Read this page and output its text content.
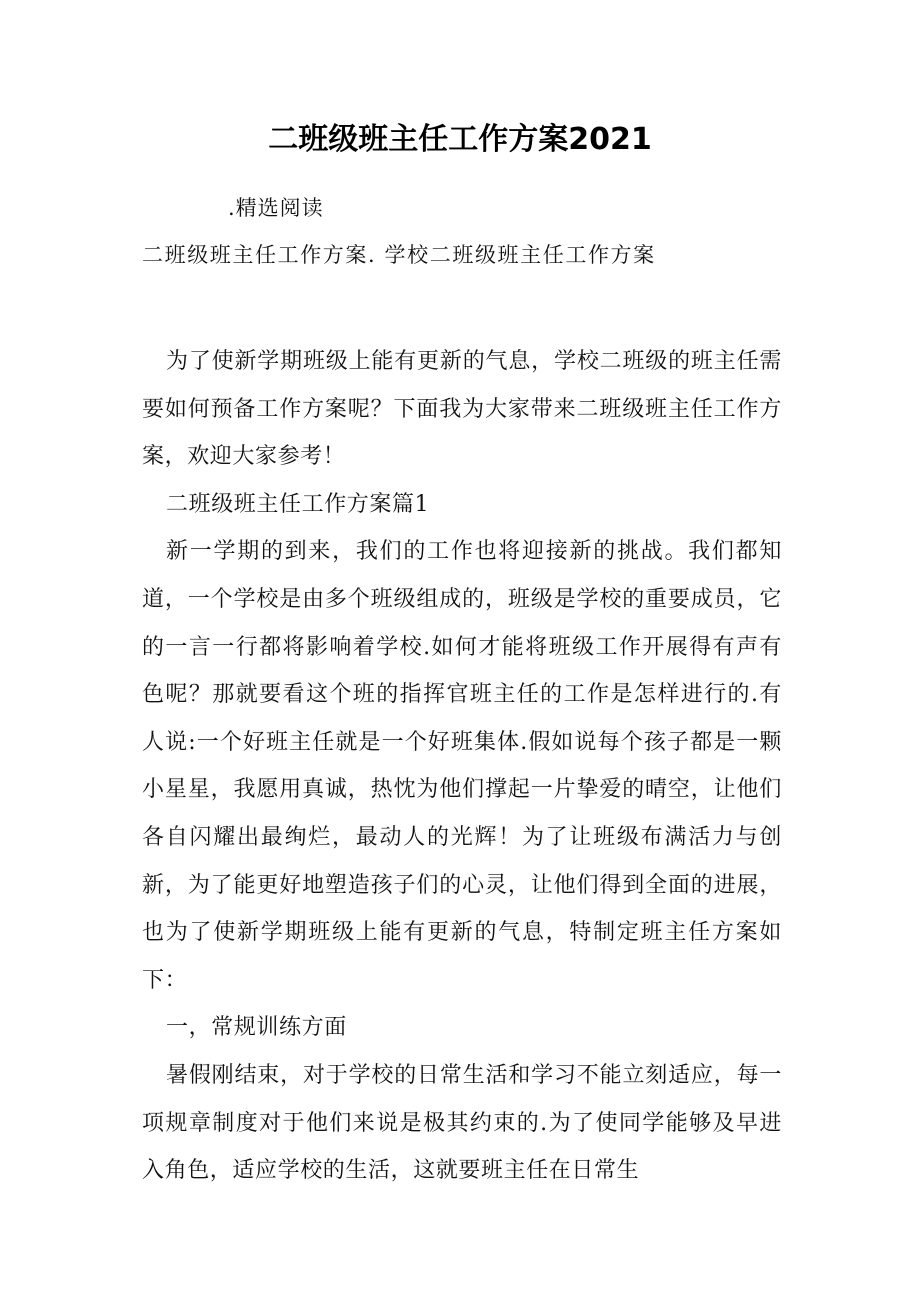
二班级班主任工作方案2021
.精选阅读
二班级班主任工作方案. 学校二班级班主任工作方案

为了使新学期班级上能有更新的气息，学校二班级的班主任需要如何预备工作方案呢？下面我为大家带来二班级班主任工作方案，欢迎大家参考！

二班级班主任工作方案篇1

新一学期的到来，我们的工作也将迎接新的挑战。我们都知道，一个学校是由多个班级组成的，班级是学校的重要成员，它的一言一行都将影响着学校.如何才能将班级工作开展得有声有色呢？那就要看这个班的指挥官班主任的工作是怎样进行的.有人说:一个好班主任就是一个好班集体.假如说每个孩子都是一颗小星星，我愿用真诚，热忱为他们撑起一片挚爱的晴空，让他们各自闪耀出最绚烂，最动人的光辉！为了让班级布满活力与创新，为了能更好地塑造孩子们的心灵，让他们得到全面的进展，也为了使新学期班级上能有更新的气息，特制定班主任方案如下：

一，常规训练方面

暑假刚结束，对于学校的日常生活和学习不能立刻适应，每一项规章制度对于他们来说是极其约束的.为了使同学能够及早进入角色，适应学校的生活，这就要班主任在日常生
